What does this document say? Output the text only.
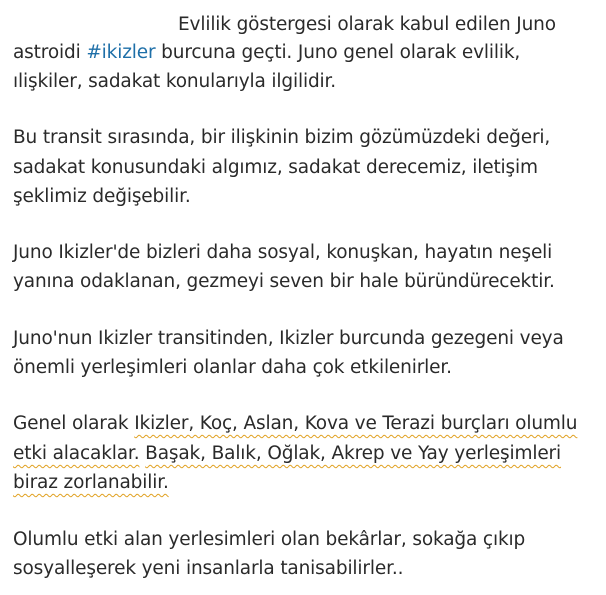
Evlilik göstergesi olarak kabul edilen Juno
astroidi #ikizler burcuna geçti. Juno genel olarak evlilik,
ılişkiler, sadakat konularıyla ilgilidir.
Bu transit sırasında, bir ilişkinin bizim gözümüzdeki değeri,
sadakat konusundaki algımız, sadakat derecemiz, iletişim
şeklimiz değişebilir.
Juno Ikizler'de bizleri daha sosyal, konuşkan, hayatın neşeli
yanına odaklanan, gezmeyi seven bir hale büründürecektir.
Juno'nun Ikizler transitinden, Ikizler burcunda gezegeni veya
önemli yerleşimleri olanlar daha çok etkilenirler.
Genel olarak Ikizler, Koç, Aslan, Kova ve Terazi burçları olumlu
etki alacaklar. Başak, Balık, Oğlak, Akrep ve Yay yerleşimleri
biraz zorlanabilir.
Olumlu etki alan yerlesimleri olan bekârlar, sokağa çıkıp
sosyalleşerek yeni insanlarla tanisabilirler..
